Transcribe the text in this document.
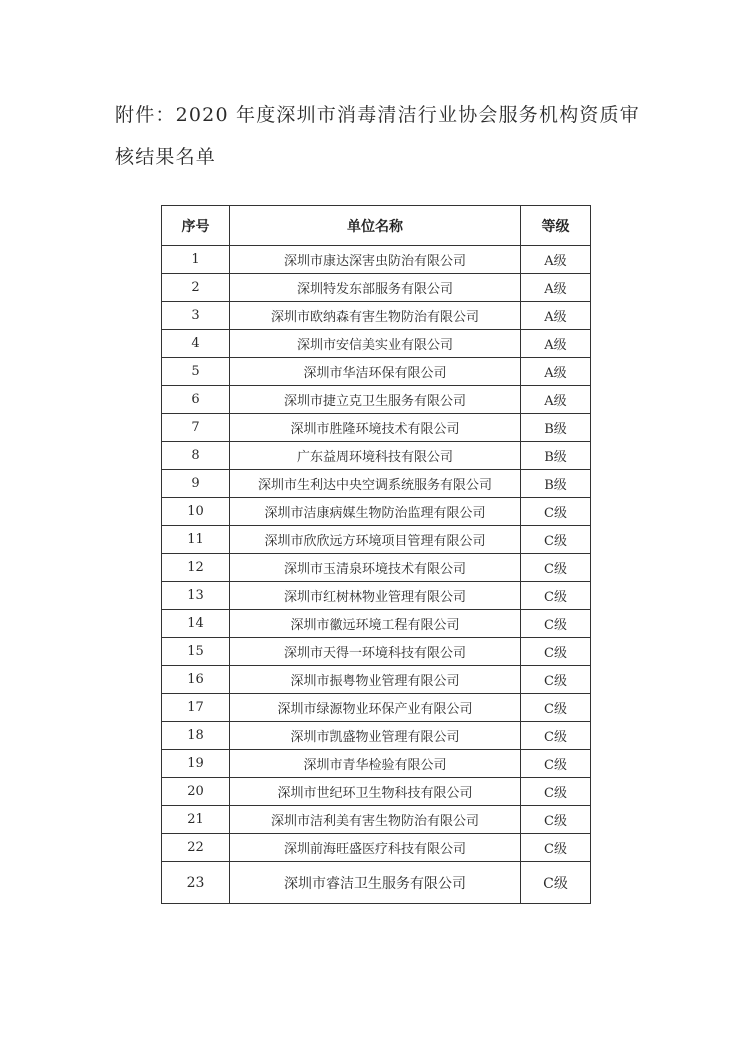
附件：2020 年度深圳市消毒清洁行业协会服务机构资质审核结果名单
序号	单位名称	等级
1	深圳市康达深害虫防治有限公司	A级
2	深圳特发东部服务有限公司	A级
3	深圳市欧纳森有害生物防治有限公司	A级
4	深圳市安信美实业有限公司	A级
5	深圳市华洁环保有限公司	A级
6	深圳市捷立克卫生服务有限公司	A级
7	深圳市胜隆环境技术有限公司	B级
8	广东益周环境科技有限公司	B级
9	深圳市生利达中央空调系统服务有限公司	B级
10	深圳市洁康病媒生物防治监理有限公司	C级
11	深圳市欣欣远方环境项目管理有限公司	C级
12	深圳市玉清泉环境技术有限公司	C级
13	深圳市红树林物业管理有限公司	C级
14	深圳市徽远环境工程有限公司	C级
15	深圳市天得一环境科技有限公司	C级
16	深圳市振粤物业管理有限公司	C级
17	深圳市绿源物业环保产业有限公司	C级
18	深圳市凯盛物业管理有限公司	C级
19	深圳市青华检验有限公司	C级
20	深圳市世纪环卫生物科技有限公司	C级
21	深圳市洁利美有害生物防治有限公司	C级
22	深圳前海旺盛医疗科技有限公司	C级
23	深圳市睿洁卫生服务有限公司	C级
